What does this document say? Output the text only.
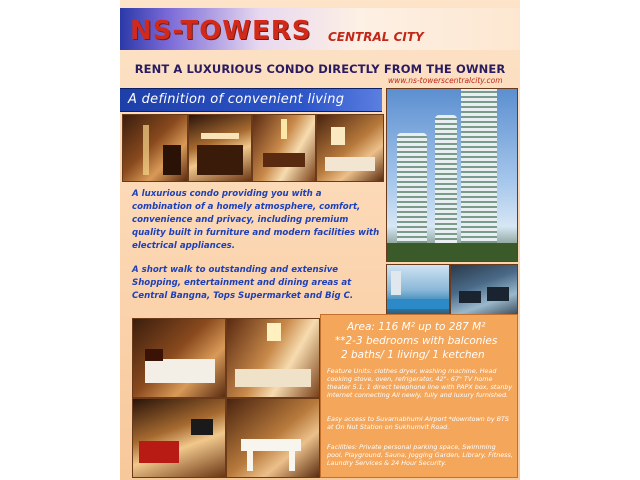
NS-TOWERS CENTRAL CITY
RENT A LUXURIOUS CONDO DIRECTLY FROM THE OWNER
www.ns-towerscentralcity.com
A definition of convenient living
A luxurious condo providing you with a combination of a homely atmosphere, comfort, convenience and privacy, including premium quality built in furniture and modern facilities with electrical appliances.
A short walk to outstanding and extensive Shopping, entertainment and dining areas at Central Bangna, Tops Supermarket and Big C.
Area: 116 M² up to 287 M²
**2-3 bedrooms with balconies
2 baths/ 1 living/ 1 ketchen
Feature Units: clothes dryer, washing machine, Head cooking stove, oven, refrigerator, 42"- 67" TV home theater 5.1, 1 direct telephone line with PAPX box, stanby internet connecting All newly, fully and luxury furnished.
Easy access to Suvarnabhumi Airport *downtown by BTS at On Nut Station on Sukhumvit Road.
Facilities: Private personal parking space, Swimming pool, Playground, Sauna, Jogging Garden, Library, Fitness, Laundry Services & 24 Hour Security.
